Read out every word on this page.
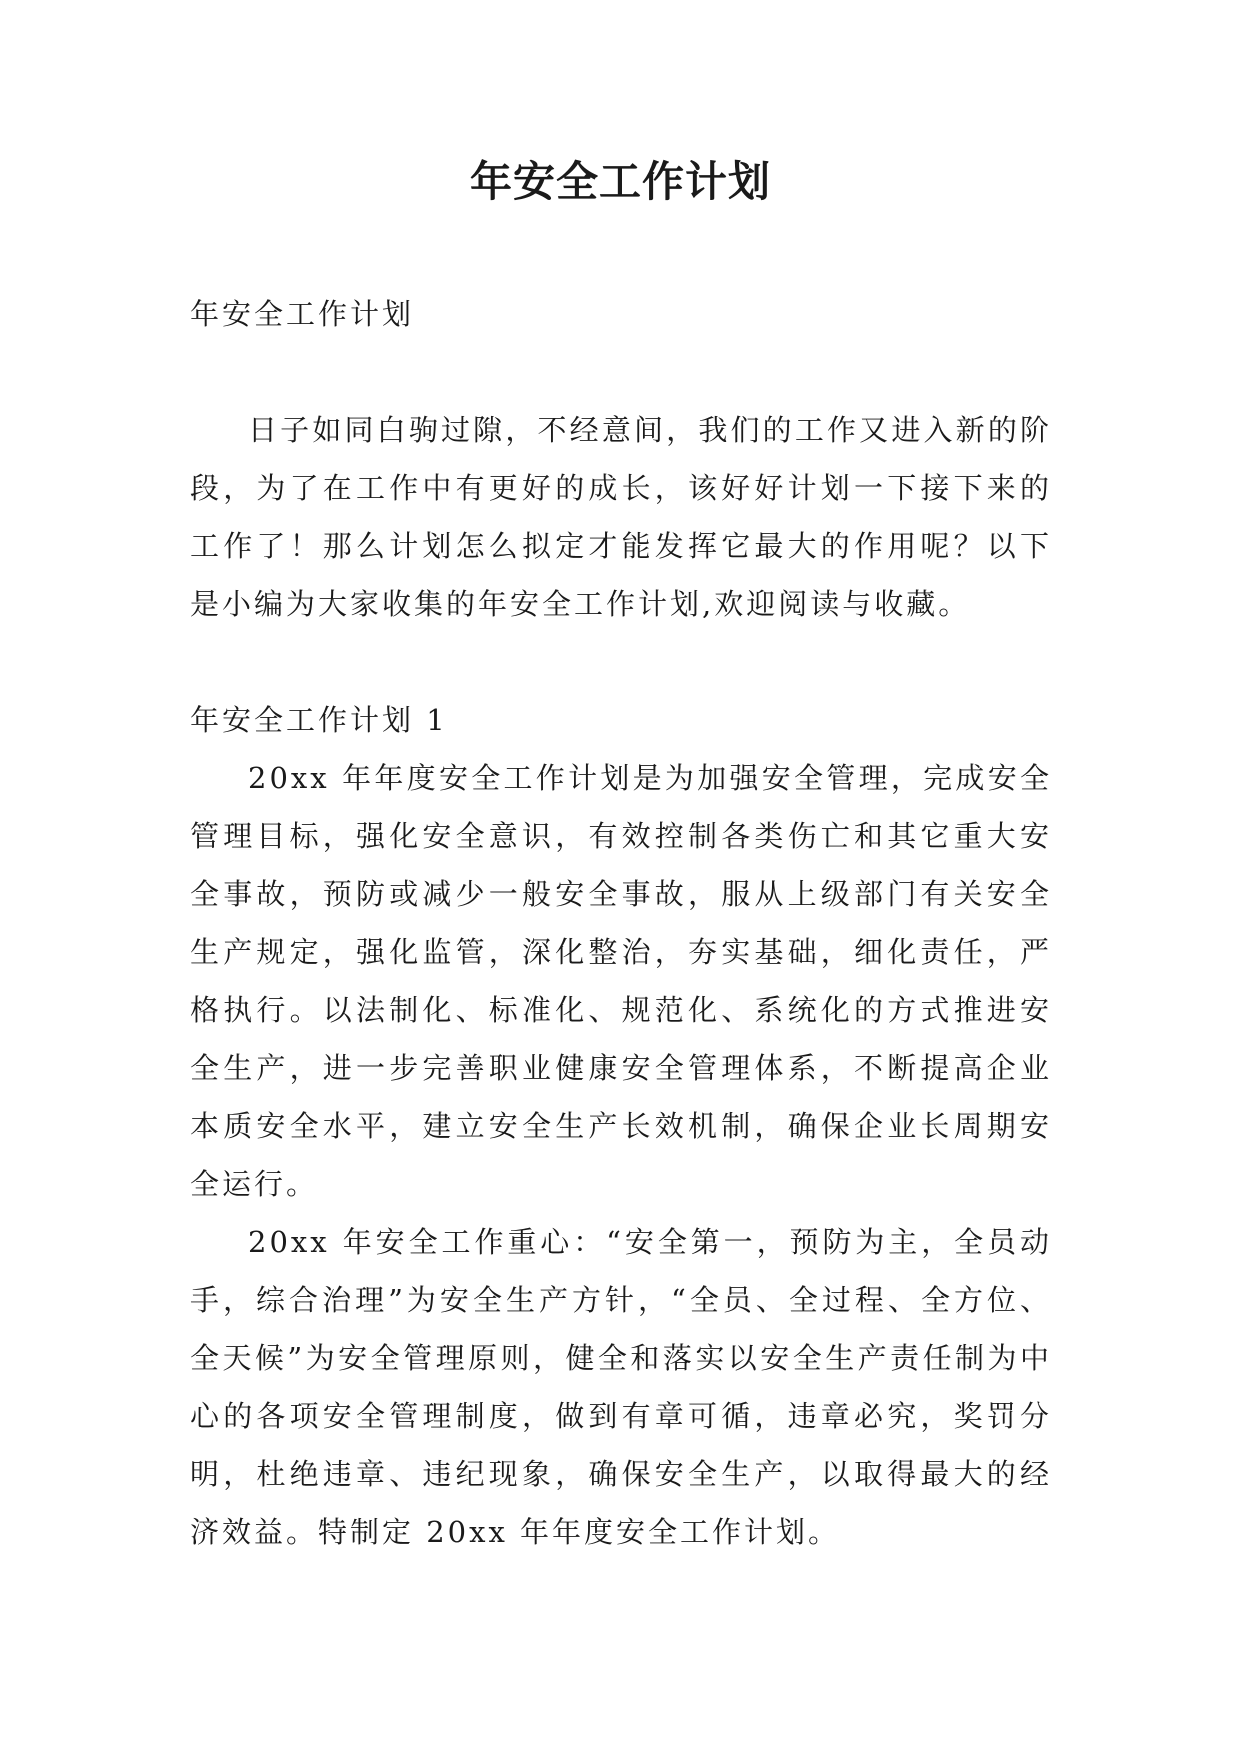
年安全工作计划

年安全工作计划

日子如同白驹过隙，不经意间，我们的工作又进入新的阶段，为了在工作中有更好的成长，该好好计划一下接下来的工作了！那么计划怎么拟定才能发挥它最大的作用呢？以下是小编为大家收集的年安全工作计划,欢迎阅读与收藏。

年安全工作计划 1

20xx 年年度安全工作计划是为加强安全管理，完成安全管理目标，强化安全意识，有效控制各类伤亡和其它重大安全事故，预防或减少一般安全事故，服从上级部门有关安全生产规定，强化监管，深化整治，夯实基础，细化责任，严格执行。以法制化、标准化、规范化、系统化的方式推进安全生产，进一步完善职业健康安全管理体系，不断提高企业本质安全水平，建立安全生产长效机制，确保企业长周期安全运行。

20xx 年安全工作重心：“安全第一，预防为主，全员动手，综合治理”为安全生产方针，“全员、全过程、全方位、全天候”为安全管理原则，健全和落实以安全生产责任制为中心的各项安全管理制度，做到有章可循，违章必究，奖罚分明，杜绝违章、违纪现象，确保安全生产，以取得最大的经济效益。特制定 20xx 年年度安全工作计划。
